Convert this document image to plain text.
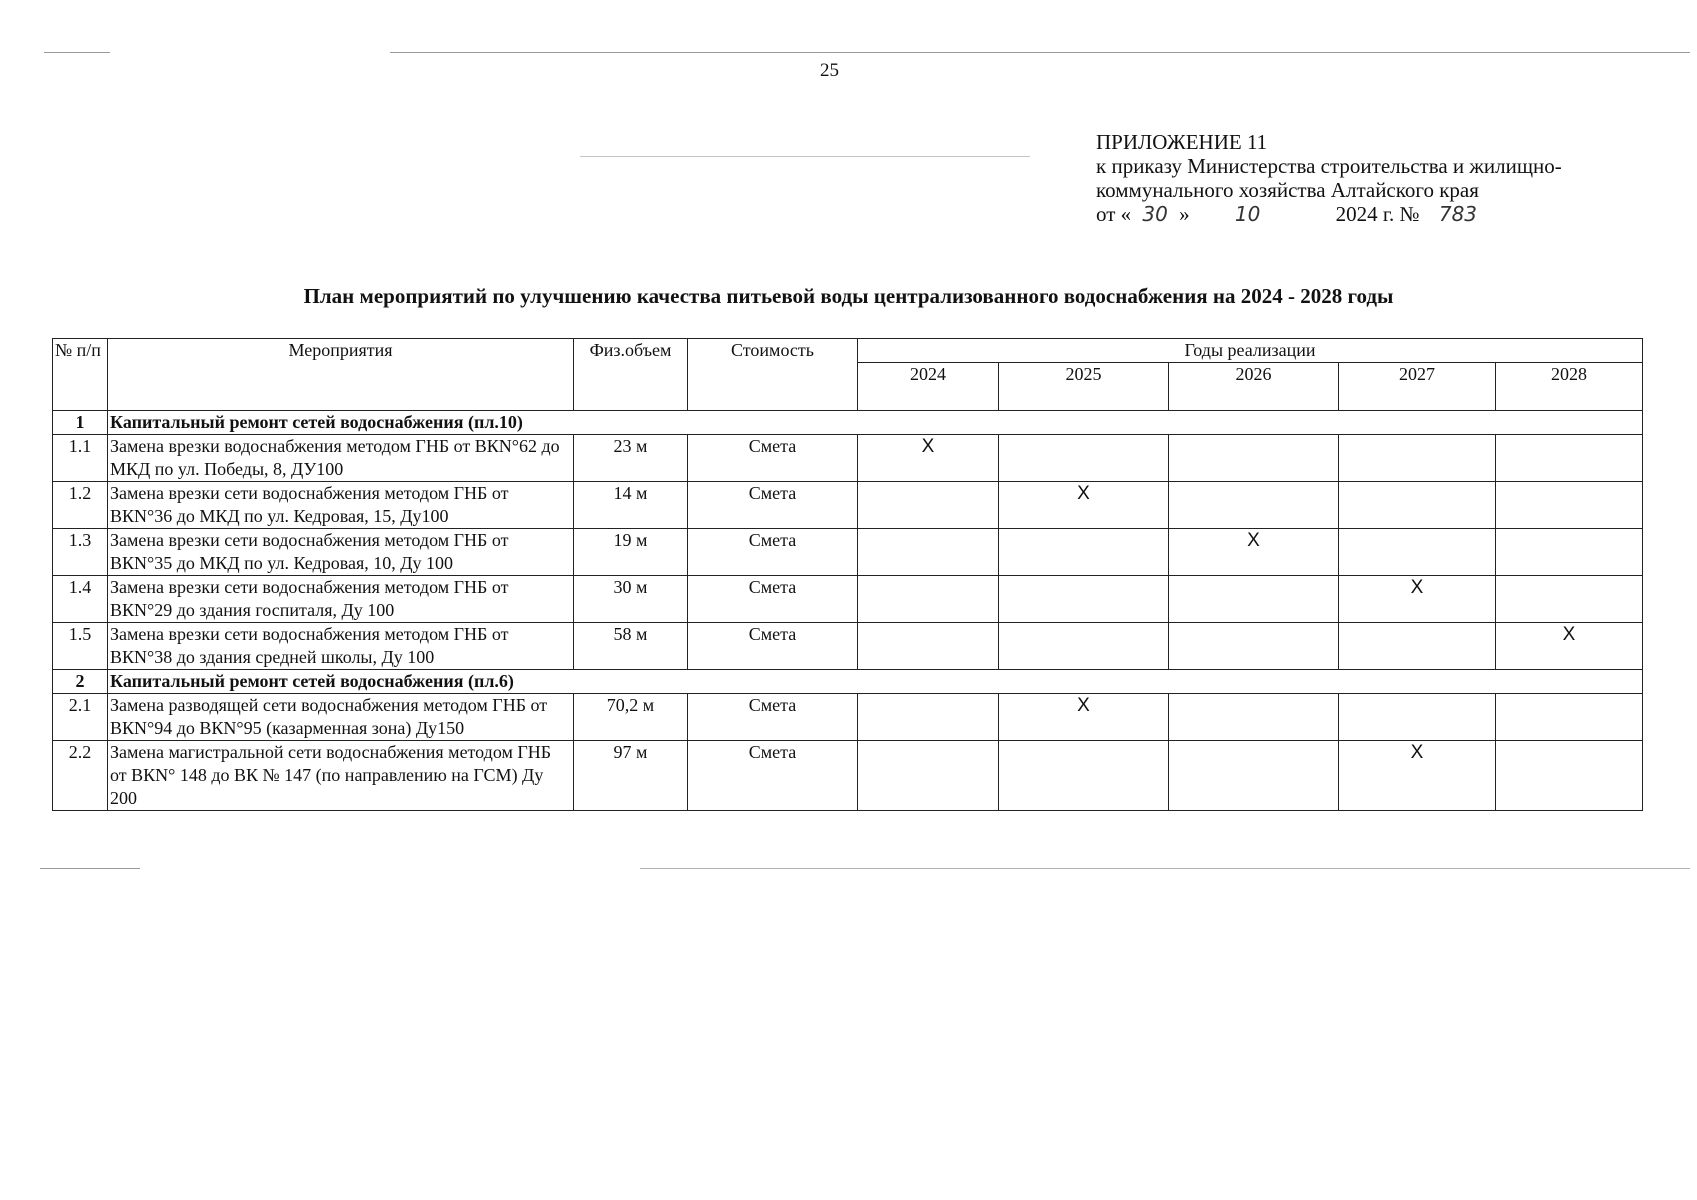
25
ПРИЛОЖЕНИЕ 11
к приказу Министерства строительства и жилищно-
коммунального хозяйства Алтайского края
от « 30 » 10	2024 г. № 783
План мероприятий по улучшению качества питьевой воды централизованного водоснабжения на 2024 - 2028 годы
№ п/п	Мероприятия	Физ.объем	Стоимость	Годы реализации				
				2024	2025	2026	2027	2028
1	Капитальный ремонт сетей водоснабжения (пл.10)							
1.1	Замена врезки водоснабжения методом ГНБ от ВКN°62 до МКД по ул. Победы, 8, ДУ100	23 м	Смета	X				
1.2	Замена врезки сети водоснабжения методом ГНБ от ВКN°36 до МКД по ул. Кедровая, 15, Ду100	14 м	Смета		X			
1.3	Замена врезки сети водоснабжения методом ГНБ от ВКN°35 до МКД по ул. Кедровая, 10, Ду 100	19 м	Смета			X		
1.4	Замена врезки сети водоснабжения методом ГНБ от ВКN°29 до здания госпиталя, Ду 100	30 м	Смета				X	
1.5	Замена врезки сети водоснабжения методом ГНБ от ВКN°38 до здания средней школы, Ду 100	58 м	Смета					X
2	Капитальный ремонт сетей водоснабжения (пл.6)							
2.1	Замена разводящей сети водоснабжения методом ГНБ от ВКN°94 до ВКN°95 (казарменная зона) Ду150	70,2 м	Смета		X			
2.2	Замена магистральной сети водоснабжения методом ГНБ от ВКN° 148 до ВК № 147 (по направлению на ГСМ) Ду 200	97 м	Смета				X	
